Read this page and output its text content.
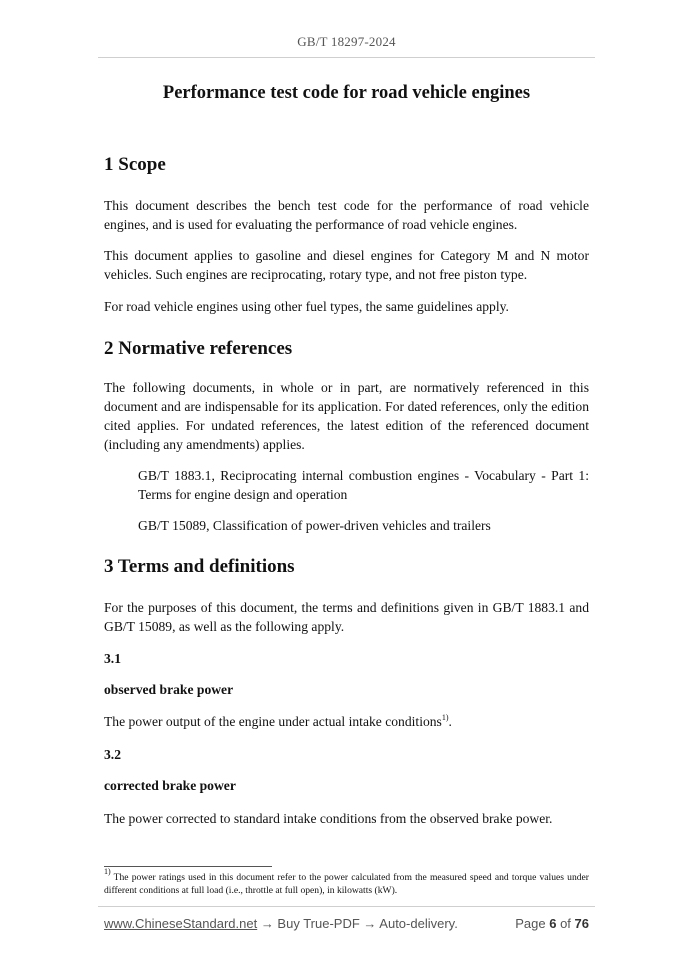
GB/T 18297-2024
Performance test code for road vehicle engines
1 Scope

This document describes the bench test code for the performance of road vehicle engines, and is used for evaluating the performance of road vehicle engines.

This document applies to gasoline and diesel engines for Category M and N motor vehicles. Such engines are reciprocating, rotary type, and not free piston type.

For road vehicle engines using other fuel types, the same guidelines apply.

2 Normative references

The following documents, in whole or in part, are normatively referenced in this document and are indispensable for its application. For dated references, only the edition cited applies. For undated references, the latest edition of the referenced document (including any amendments) applies.

GB/T 1883.1, Reciprocating internal combustion engines - Vocabulary - Part 1: Terms for engine design and operation

GB/T 15089, Classification of power-driven vehicles and trailers

3 Terms and definitions

For the purposes of this document, the terms and definitions given in GB/T 1883.1 and GB/T 15089, as well as the following apply.

3.1
observed brake power

The power output of the engine under actual intake conditions$^{1)}$.

3.2
corrected brake power

The power corrected to standard intake conditions from the observed brake power.

$^{1)}$ The power ratings used in this document refer to the power calculated from the measured speed and torque values under different conditions at full load (i.e., throttle at full open), in kilowatts (kW).

www.ChineseStandard.net → Buy True-PDF → Auto-delivery.	Page 6 of 76
